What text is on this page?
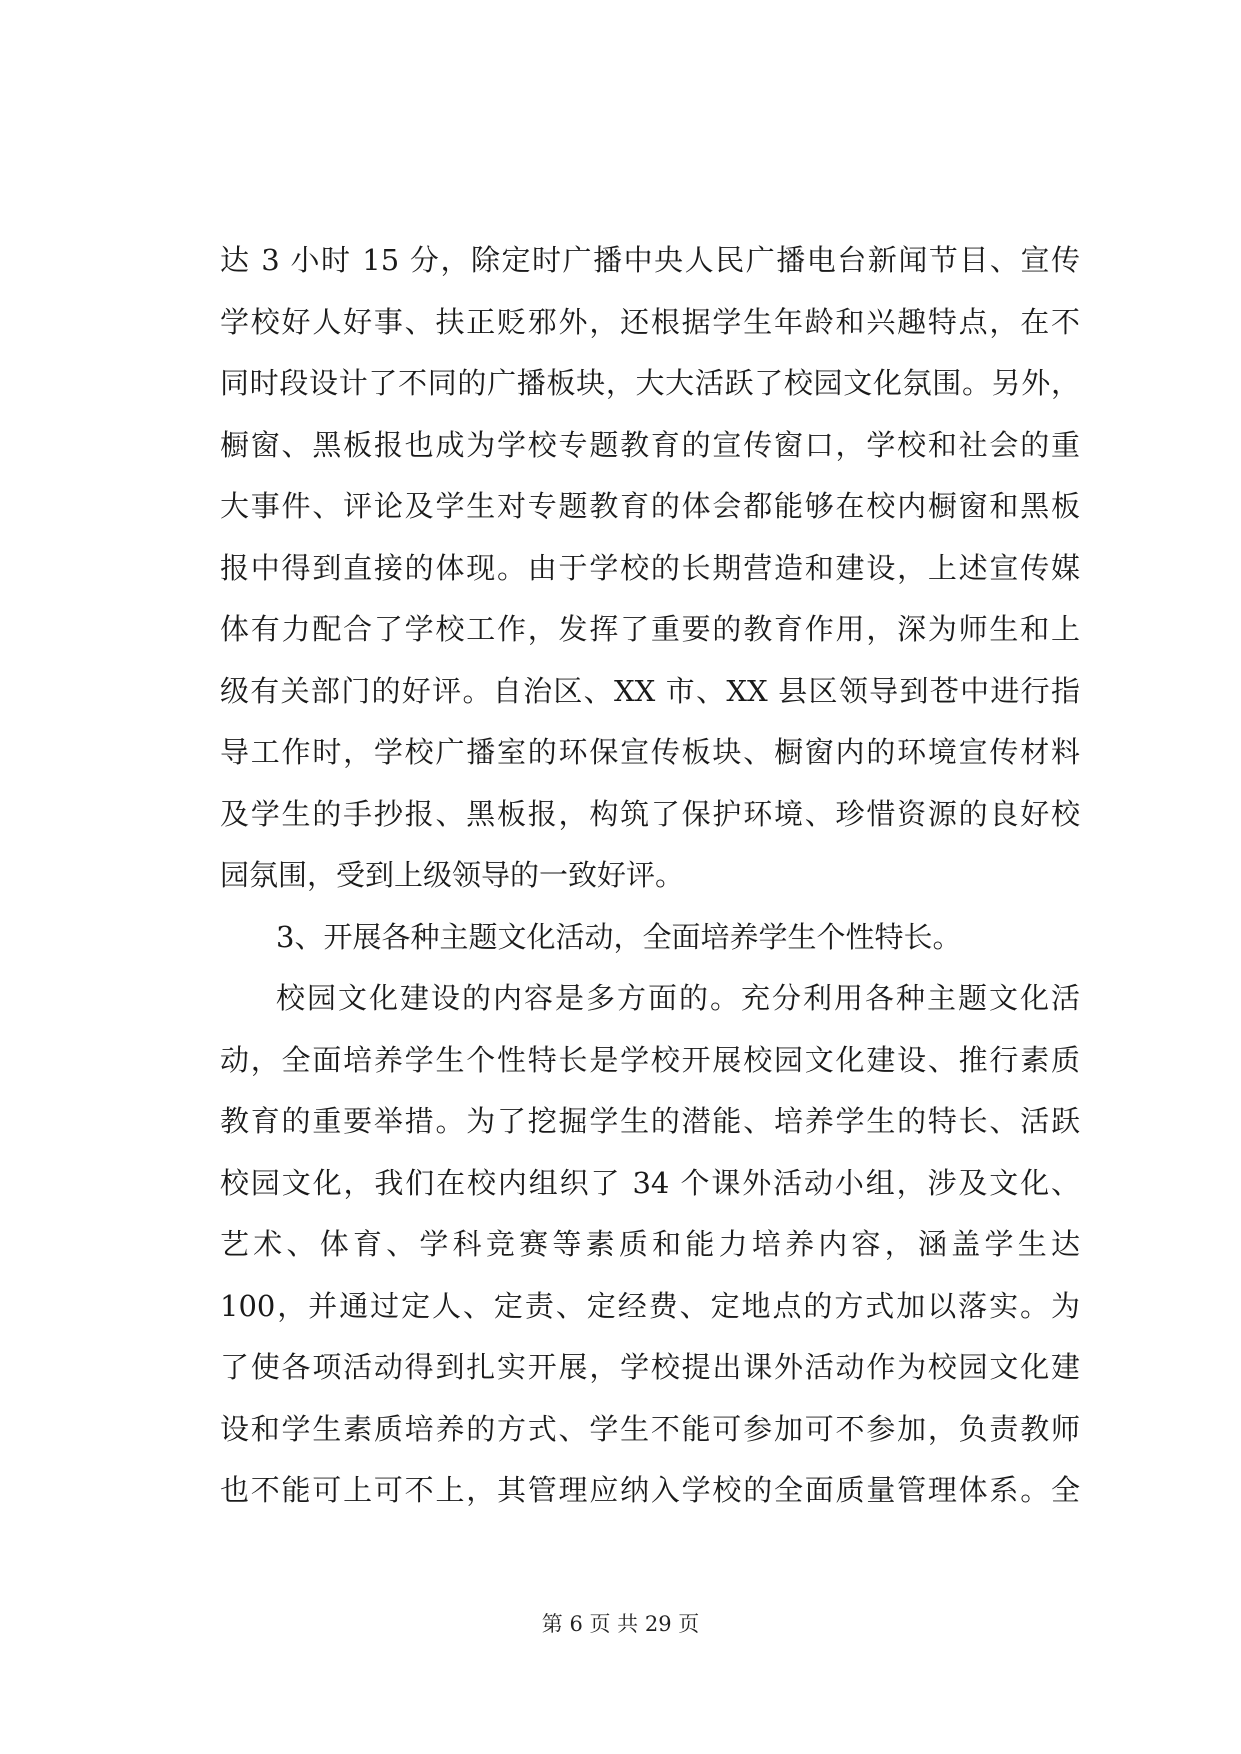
达 3 小时 15 分，除定时广播中央人民广播电台新闻节目、宣传
学校好人好事、扶正贬邪外，还根据学生年龄和兴趣特点，在不
同时段设计了不同的广播板块，大大活跃了校园文化氛围。另外，
橱窗、黑板报也成为学校专题教育的宣传窗口，学校和社会的重
大事件、评论及学生对专题教育的体会都能够在校内橱窗和黑板
报中得到直接的体现。由于学校的长期营造和建设，上述宣传媒
体有力配合了学校工作，发挥了重要的教育作用，深为师生和上
级有关部门的好评。自治区、XX 市、XX 县区领导到苍中进行指
导工作时，学校广播室的环保宣传板块、橱窗内的环境宣传材料
及学生的手抄报、黑板报，构筑了保护环境、珍惜资源的良好校
园氛围，受到上级领导的一致好评。
3、开展各种主题文化活动，全面培养学生个性特长。
校园文化建设的内容是多方面的。充分利用各种主题文化活
动，全面培养学生个性特长是学校开展校园文化建设、推行素质
教育的重要举措。为了挖掘学生的潜能、培养学生的特长、活跃
校园文化，我们在校内组织了 34 个课外活动小组，涉及文化、
艺术、体育、学科竞赛等素质和能力培养内容，涵盖学生达
100，并通过定人、定责、定经费、定地点的方式加以落实。为
了使各项活动得到扎实开展，学校提出课外活动作为校园文化建
设和学生素质培养的方式、学生不能可参加可不参加，负责教师
也不能可上可不上，其管理应纳入学校的全面质量管理体系。全
第 6 页 共 29 页
